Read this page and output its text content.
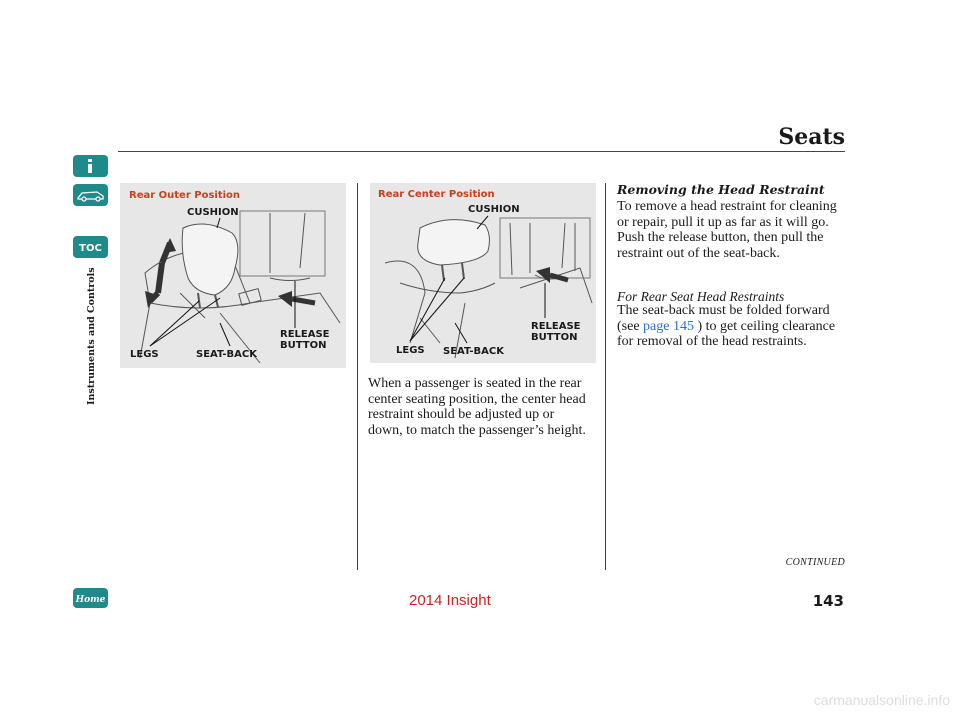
Seats
TOC
Instruments and Controls
Home
Rear Outer Position
CUSHION
RELEASE
BUTTON
LEGS	SEAT-BACK
Rear Center Position
CUSHION
RELEASE
BUTTON
LEGS SEAT-BACK
When a passenger is seated in the rear center seating position, the center head restraint should be adjusted up or down, to match the passenger’s height.
Removing the Head Restraint
To remove a head restraint for cleaning or repair, pull it up as far as it will go. Push the release button, then pull the restraint out of the seat-back.
For Rear Seat Head Restraints
The seat-back must be folded forward (see page 145 ) to get ceiling clearance for removal of the head restraints.
CONTINUED
143
2014 Insight
carmanualsonline.info
